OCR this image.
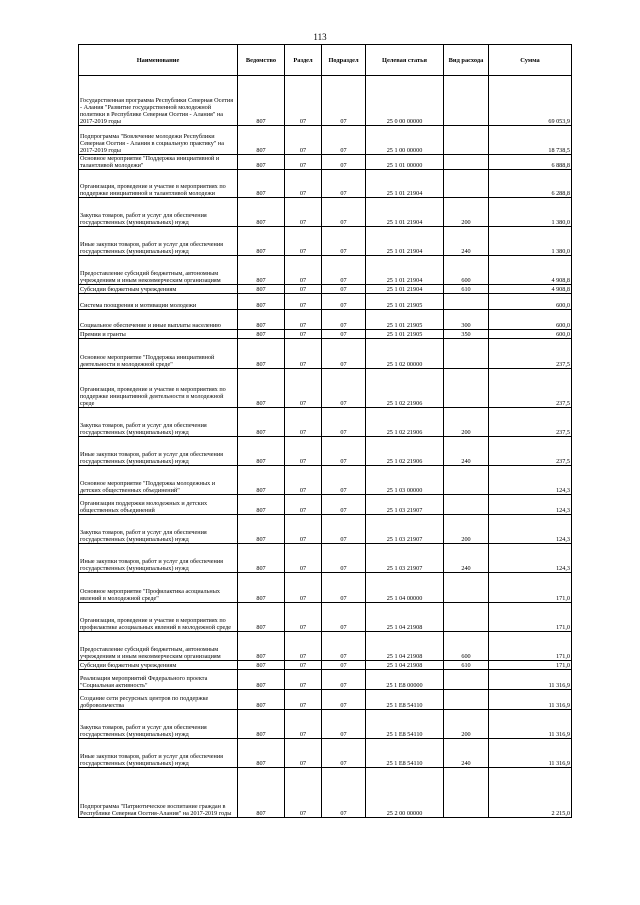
113
Наименование	Ведомство	Раздел	Подраздел	Целевая статья	Вид расхода	Сумма
Государственная программа Республики Северная Осетия - Алания "Развитие государственной молодежной политики в Республике Северная Осетия - Алания" на 2017-2019 годы	807	07	07	25 0 00 00000		69 053,9
Подпрограмма "Вовлечение молодежи Республики Северная Осетия - Алания в социальную практику" на 2017-2019 годы	807	07	07	25 1 00 00000		18 738,5
Основное мероприятие "Поддержка инициативной и талантливой молодежи"	807	07	07	25 1 01 00000		6 888,8
Организация, проведение и участие в мероприятиях по поддержке инициативной и талантливой молодежи	807	07	07	25 1 01 21904		6 288,8
Закупка товаров, работ и услуг для обеспечения государственных (муниципальных) нужд	807	07	07	25 1 01 21904	200	1 380,0
Иные закупки товаров, работ и услуг для обеспечения государственных (муниципальных) нужд	807	07	07	25 1 01 21904	240	1 380,0
Предоставление субсидий бюджетным, автономным учреждениям и иным некоммерческим организациям	807	07	07	25 1 01 21904	600	4 908,8
Субсидии бюджетным учреждениям	807	07	07	25 1 01 21904	610	4 908,8
Система поощрения и мотивации молодежи	807	07	07	25 1 01 21905		600,0
Социальное обеспечение и иные выплаты населению	807	07	07	25 1 01 21905	300	600,0
Премии и гранты	807	07	07	25 1 01 21905	350	600,0
Основное мероприятие "Поддержка инициативной деятельности в молодежной среде"	807	07	07	25 1 02 00000		237,5
Организация, проведение и участие в мероприятиях по поддержке инициативной деятельности в молодежной среде	807	07	07	25 1 02 21906		237,5
Закупка товаров, работ и услуг для обеспечения государственных (муниципальных) нужд	807	07	07	25 1 02 21906	200	237,5
Иные закупки товаров, работ и услуг для обеспечения государственных (муниципальных) нужд	807	07	07	25 1 02 21906	240	237,5
Основное мероприятие "Поддержка молодежных и детских общественных объединений"	807	07	07	25 1 03 00000		124,3
Организация поддержки молодежных и детских общественных объединений	807	07	07	25 1 03 21907		124,3
Закупка товаров, работ и услуг для обеспечения государственных (муниципальных) нужд	807	07	07	25 1 03 21907	200	124,3
Иные закупки товаров, работ и услуг для обеспечения государственных (муниципальных) нужд	807	07	07	25 1 03 21907	240	124,3
Основное мероприятие "Профилактика асоциальных явлений в молодежной среде"	807	07	07	25 1 04 00000		171,0
Организация, проведение и участие в мероприятиях по профилактике асоциальных явлений в молодежной среде	807	07	07	25 1 04 21908		171,0
Предоставление субсидий бюджетным, автономным учреждениям и иным некоммерческим организациям	807	07	07	25 1 04 21908	600	171,0
Субсидии бюджетным учреждениям	807	07	07	25 1 04 21908	610	171,0
Реализация мероприятий Федерального проекта "Социальная активность"	807	07	07	25 1 E8 00000		11 316,9
Создание сети ресурсных центров по поддержке добровольчества	807	07	07	25 1 E8 54110		11 316,9
Закупка товаров, работ и услуг для обеспечения государственных (муниципальных) нужд	807	07	07	25 1 E8 54110	200	11 316,9
Иные закупки товаров, работ и услуг для обеспечения государственных (муниципальных) нужд	807	07	07	25 1 E8 54110	240	11 316,9
Подпрограмма "Патриотическое воспитание граждан в Республике Северная Осетия-Алания" на 2017-2019 годы	807	07	07	25 2 00 00000		2 215,0
